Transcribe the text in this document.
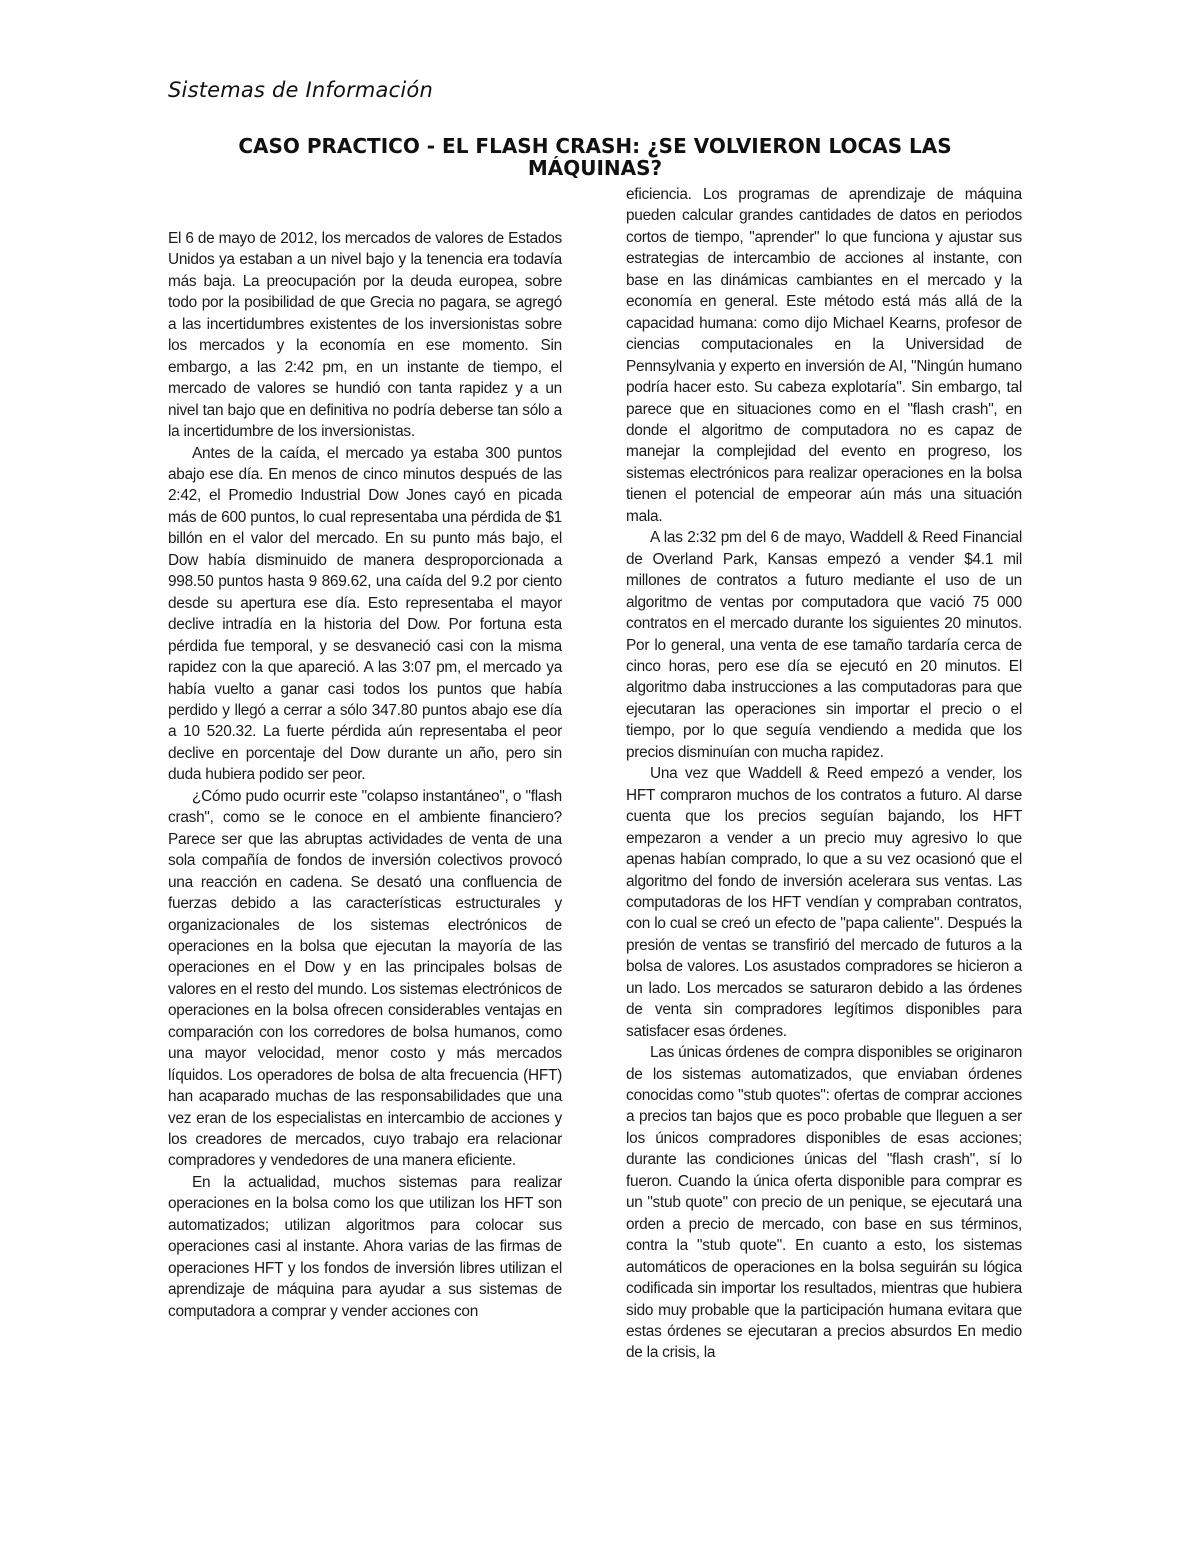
Sistemas de Información
CASO PRACTICO - EL FLASH CRASH: ¿SE VOLVIERON LOCAS LAS MÁQUINAS?

El 6 de mayo de 2012, los mercados de valores de Estados Unidos ya estaban a un nivel bajo y la tenencia era todavía más baja. La preocupación por la deuda europea, sobre todo por la posibilidad de que Grecia no pagara, se agregó a las incertidumbres existentes de los inversionistas sobre los mercados y la economía en ese momento. Sin embargo, a las 2:42 pm, en un instante de tiempo, el mercado de valores se hundió con tanta rapidez y a un nivel tan bajo que en definitiva no podría deberse tan sólo a la incertidumbre de los inversionistas.

Antes de la caída, el mercado ya estaba 300 puntos abajo ese día. En menos de cinco minutos después de las 2:42, el Promedio Industrial Dow Jones cayó en picada más de 600 puntos, lo cual representaba una pérdida de $1 billón en el valor del mercado. En su punto más bajo, el Dow había disminuido de manera desproporcionada a 998.50 puntos hasta 9 869.62, una caída del 9.2 por ciento desde su apertura ese día. Esto representaba el mayor declive intradía en la historia del Dow. Por fortuna esta pérdida fue temporal, y se desvaneció casi con la misma rapidez con la que apareció. A las 3:07 pm, el mercado ya había vuelto a ganar casi todos los puntos que había perdido y llegó a cerrar a sólo 347.80 puntos abajo ese día a 10 520.32. La fuerte pérdida aún representaba el peor declive en porcentaje del Dow durante un año, pero sin duda hubiera podido ser peor.

¿Cómo pudo ocurrir este "colapso instantáneo", o "flash crash", como se le conoce en el ambiente financiero? Parece ser que las abruptas actividades de venta de una sola compañía de fondos de inversión colectivos provocó una reacción en cadena. Se desató una confluencia de fuerzas debido a las características estructurales y organizacionales de los sistemas electrónicos de operaciones en la bolsa que ejecutan la mayoría de las operaciones en el Dow y en las principales bolsas de valores en el resto del mundo. Los sistemas electrónicos de operaciones en la bolsa ofrecen considerables ventajas en comparación con los corredores de bolsa humanos, como una mayor velocidad, menor costo y más mercados líquidos. Los operadores de bolsa de alta frecuencia (HFT) han acaparado muchas de las responsabilidades que una vez eran de los especialistas en intercambio de acciones y los creadores de mercados, cuyo trabajo era relacionar compradores y vendedores de una manera eficiente.

En la actualidad, muchos sistemas para realizar operaciones en la bolsa como los que utilizan los HFT son automatizados; utilizan algoritmos para colocar sus operaciones casi al instante. Ahora varias de las firmas de operaciones HFT y los fondos de inversión libres utilizan el aprendizaje de máquina para ayudar a sus sistemas de computadora a comprar y vender acciones con

eficiencia. Los programas de aprendizaje de máquina pueden calcular grandes cantidades de datos en periodos cortos de tiempo, "aprender" lo que funciona y ajustar sus estrategias de intercambio de acciones al instante, con base en las dinámicas cambiantes en el mercado y la economía en general. Este método está más allá de la capacidad humana: como dijo Michael Kearns, profesor de ciencias computacionales en la Universidad de Pennsylvania y experto en inversión de AI, "Ningún humano podría hacer esto. Su cabeza explotaría". Sin embargo, tal parece que en situaciones como en el "flash crash", en donde el algoritmo de computadora no es capaz de manejar la complejidad del evento en progreso, los sistemas electrónicos para realizar operaciones en la bolsa tienen el potencial de empeorar aún más una situación mala.

A las 2:32 pm del 6 de mayo, Waddell & Reed Financial de Overland Park, Kansas empezó a vender $4.1 mil millones de contratos a futuro mediante el uso de un algoritmo de ventas por computadora que vació 75 000 contratos en el mercado durante los siguientes 20 minutos. Por lo general, una venta de ese tamaño tardaría cerca de cinco horas, pero ese día se ejecutó en 20 minutos. El algoritmo daba instrucciones a las computadoras para que ejecutaran las operaciones sin importar el precio o el tiempo, por lo que seguía vendiendo a medida que los precios disminuían con mucha rapidez.

Una vez que Waddell & Reed empezó a vender, los HFT compraron muchos de los contratos a futuro. Al darse cuenta que los precios seguían bajando, los HFT empezaron a vender a un precio muy agresivo lo que apenas habían comprado, lo que a su vez ocasionó que el algoritmo del fondo de inversión acelerara sus ventas. Las computadoras de los HFT vendían y compraban contratos, con lo cual se creó un efecto de "papa caliente". Después la presión de ventas se transfirió del mercado de futuros a la bolsa de valores. Los asustados compradores se hicieron a un lado. Los mercados se saturaron debido a las órdenes de venta sin compradores legítimos disponibles para satisfacer esas órdenes.

Las únicas órdenes de compra disponibles se originaron de los sistemas automatizados, que enviaban órdenes conocidas como "stub quotes": ofertas de comprar acciones a precios tan bajos que es poco probable que lleguen a ser los únicos compradores disponibles de esas acciones; durante las condiciones únicas del "flash crash", sí lo fueron. Cuando la única oferta disponible para comprar es un "stub quote" con precio de un penique, se ejecutará una orden a precio de mercado, con base en sus términos, contra la "stub quote". En cuanto a esto, los sistemas automáticos de operaciones en la bolsa seguirán su lógica codificada sin importar los resultados, mientras que hubiera sido muy probable que la participación humana evitara que estas órdenes se ejecutaran a precios absurdos En medio de la crisis, la
